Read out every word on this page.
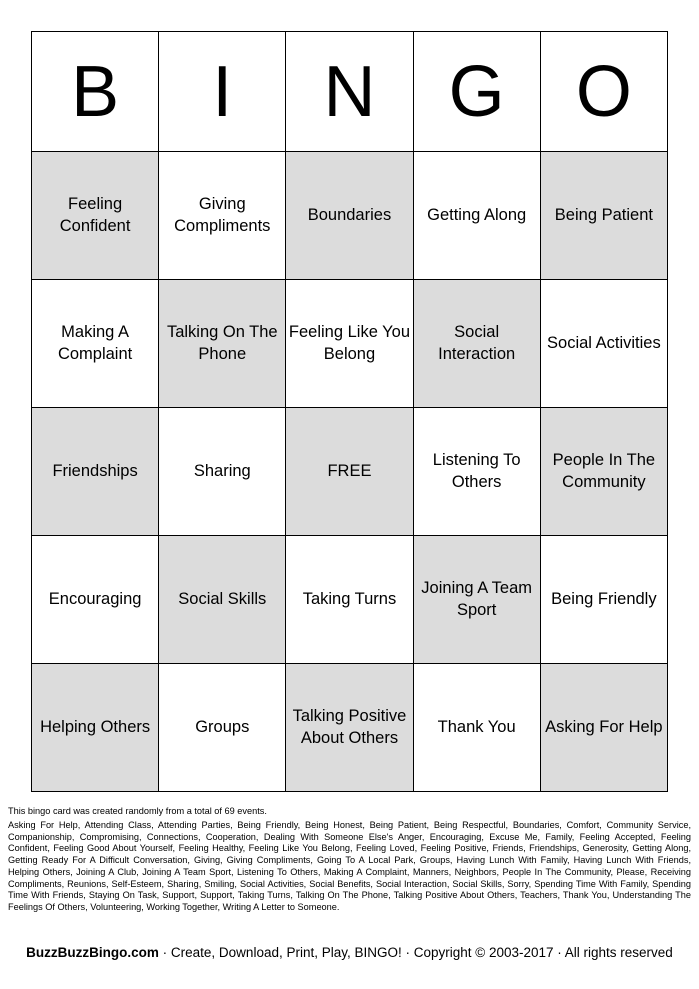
B	I	N	G	O
Feeling Confident	Giving Compliments	Boundaries	Getting Along	Being Patient
Making A Complaint	Talking On The Phone	Feeling Like You Belong	Social Interaction	Social Activities
Friendships	Sharing	FREE	Listening To Others	People In The Community
Encouraging	Social Skills	Taking Turns	Joining A Team Sport	Being Friendly
Helping Others	Groups	Talking Positive About Others	Thank You	Asking For Help

This bingo card was created randomly from a total of 69 events.

Asking For Help, Attending Class, Attending Parties, Being Friendly, Being Honest, Being Patient, Being Respectful, Boundaries, Comfort, Community Service, Companionship, Compromising, Connections, Cooperation, Dealing With Someone Else's Anger, Encouraging, Excuse Me, Family, Feeling Accepted, Feeling Confident, Feeling Good About Yourself, Feeling Healthy, Feeling Like You Belong, Feeling Loved, Feeling Positive, Friends, Friendships, Generosity, Getting Along, Getting Ready For A Difficult Conversation, Giving, Giving Compliments, Going To A Local Park, Groups, Having Lunch With Family, Having Lunch With Friends, Helping Others, Joining A Club, Joining A Team Sport, Listening To Others, Making A Complaint, Manners, Neighbors, People In The Community, Please, Receiving Compliments, Reunions, Self-Esteem, Sharing, Smiling, Social Activities, Social Benefits, Social Interaction, Social Skills, Sorry, Spending Time With Family, Spending Time With Friends, Staying On Task, Support, Support, Taking Turns, Talking On The Phone, Talking Positive About Others, Teachers, Thank You, Understanding The Feelings Of Others, Volunteering, Working Together, Writing A Letter to Someone.

BuzzBuzzBingo.com · Create, Download, Print, Play, BINGO! · Copyright © 2003-2017 · All rights reserved
